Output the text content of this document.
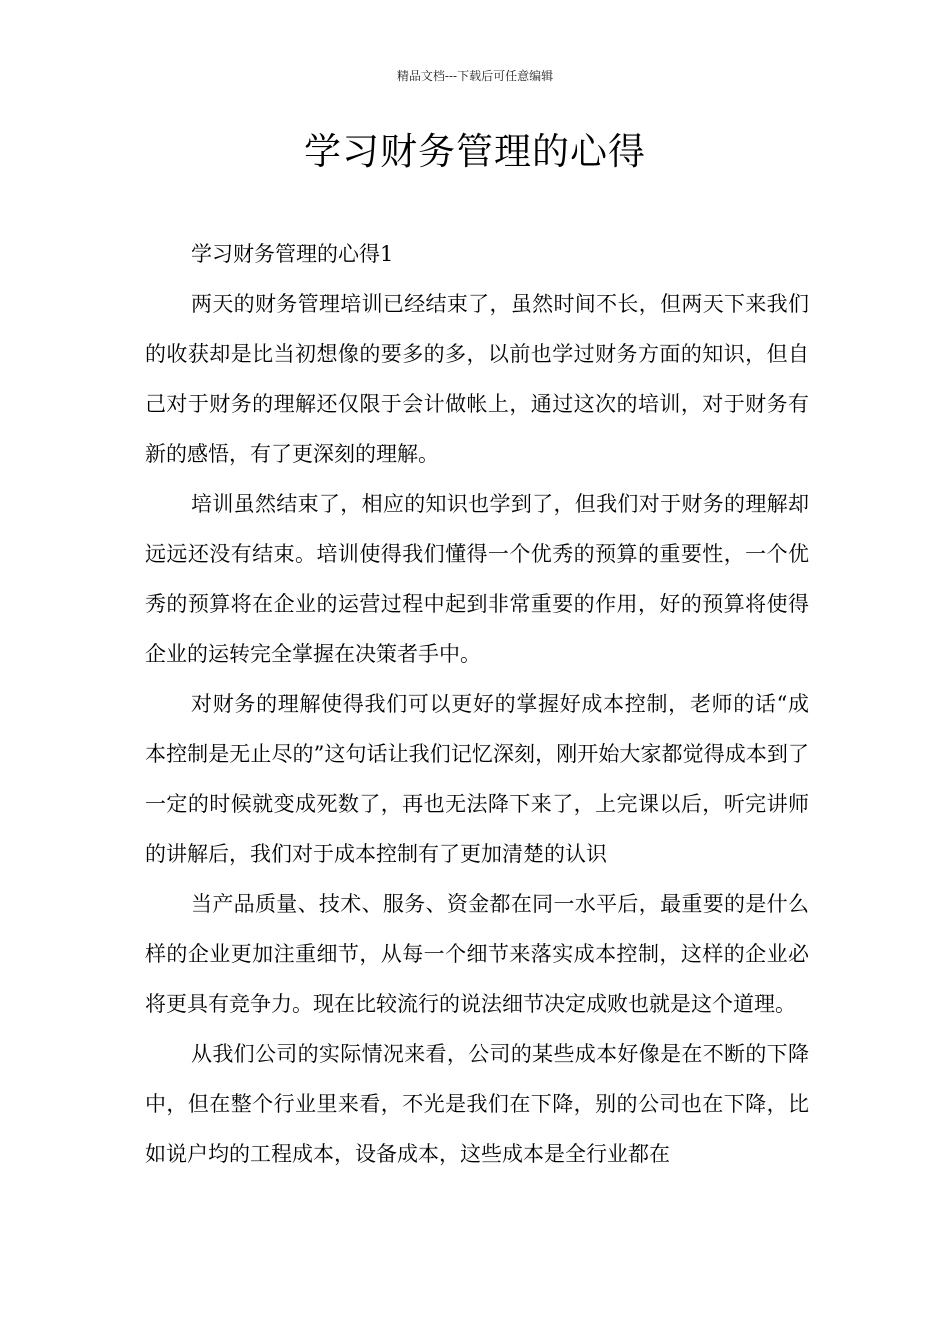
精品文档---下载后可任意编辑
学习财务管理的心得
学习财务管理的心得1

两天的财务管理培训已经结束了，虽然时间不长，但两天下来我们的收获却是比当初想像的要多的多，以前也学过财务方面的知识，但自己对于财务的理解还仅限于会计做帐上，通过这次的培训，对于财务有新的感悟，有了更深刻的理解。

培训虽然结束了，相应的知识也学到了，但我们对于财务的理解却远远还没有结束。培训使得我们懂得一个优秀的预算的重要性，一个优秀的预算将在企业的运营过程中起到非常重要的作用，好的预算将使得企业的运转完全掌握在决策者手中。

对财务的理解使得我们可以更好的掌握好成本控制，老师的话“成本控制是无止尽的”这句话让我们记忆深刻，刚开始大家都觉得成本到了一定的时候就变成死数了，再也无法降下来了，上完课以后，听完讲师的讲解后，我们对于成本控制有了更加清楚的认识

当产品质量、技术、服务、资金都在同一水平后，最重要的是什么样的企业更加注重细节，从每一个细节来落实成本控制，这样的企业必将更具有竞争力。现在比较流行的说法细节决定成败也就是这个道理。

从我们公司的实际情况来看，公司的某些成本好像是在不断的下降中，但在整个行业里来看，不光是我们在下降，别的公司也在下降，比如说户均的工程成本，设备成本，这些成本是全行业都在
